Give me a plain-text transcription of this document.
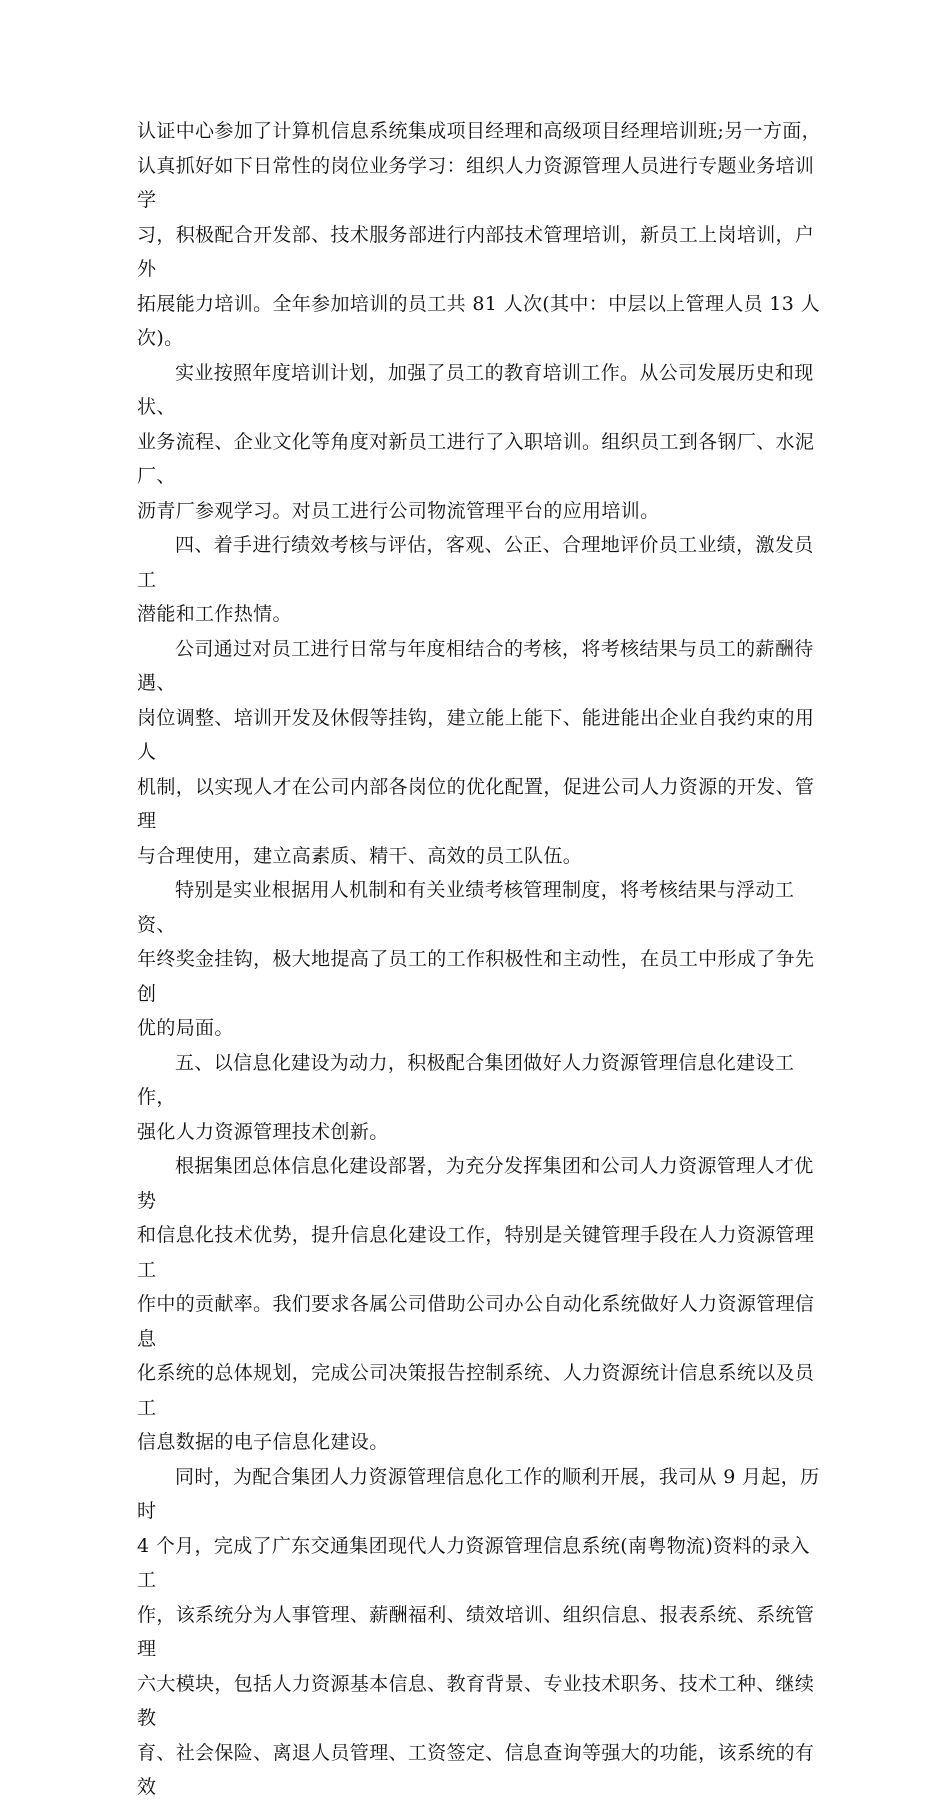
认证中心参加了计算机信息系统集成项目经理和高级项目经理培训班;另一方面，
认真抓好如下日常性的岗位业务学习：组织人力资源管理人员进行专题业务培训学
习，积极配合开发部、技术服务部进行内部技术管理培训，新员工上岗培训，户外
拓展能力培训。全年参加培训的员工共 81 人次(其中：中层以上管理人员 13 人次)。

实业按照年度培训计划，加强了员工的教育培训工作。从公司发展历史和现状、
业务流程、企业文化等角度对新员工进行了入职培训。组织员工到各钢厂、水泥厂、
沥青厂参观学习。对员工进行公司物流管理平台的应用培训。

四、着手进行绩效考核与评估，客观、公正、合理地评价员工业绩，激发员工
潜能和工作热情。

公司通过对员工进行日常与年度相结合的考核，将考核结果与员工的薪酬待遇、
岗位调整、培训开发及休假等挂钩，建立能上能下、能进能出企业自我约束的用人
机制，以实现人才在公司内部各岗位的优化配置，促进公司人力资源的开发、管理
与合理使用，建立高素质、精干、高效的员工队伍。

特别是实业根据用人机制和有关业绩考核管理制度，将考核结果与浮动工资、
年终奖金挂钩，极大地提高了员工的工作积极性和主动性，在员工中形成了争先创
优的局面。

五、以信息化建设为动力，积极配合集团做好人力资源管理信息化建设工作，
强化人力资源管理技术创新。

根据集团总体信息化建设部署，为充分发挥集团和公司人力资源管理人才优势
和信息化技术优势，提升信息化建设工作，特别是关键管理手段在人力资源管理工
作中的贡献率。我们要求各属公司借助公司办公自动化系统做好人力资源管理信息
化系统的总体规划，完成公司决策报告控制系统、人力资源统计信息系统以及员工
信息数据的电子信息化建设。

同时，为配合集团人力资源管理信息化工作的顺利开展，我司从 9 月起，历时
4 个月，完成了广东交通集团现代人力资源管理信息系统(南粤物流)资料的录入工
作，该系统分为人事管理、薪酬福利、绩效培训、组织信息、报表系统、系统管理
六大模块，包括人力资源基本信息、教育背景、专业技术职务、技术工种、继续教
育、社会保险、离退人员管理、工资签定、信息查询等强大的功能，该系统的有效
